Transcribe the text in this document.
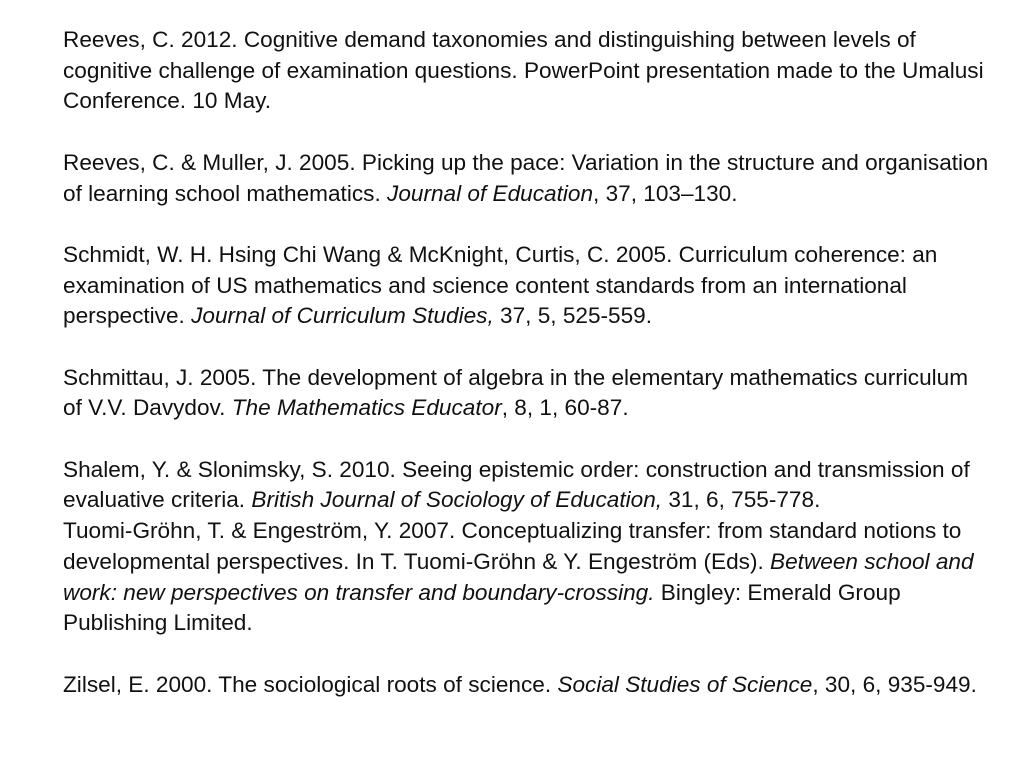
Reeves, C. 2012. Cognitive demand taxonomies and distinguishing between levels of cognitive challenge of examination questions. PowerPoint presentation made to the Umalusi Conference. 10 May.

Reeves, C. & Muller, J. 2005. Picking up the pace: Variation in the structure and organisation of learning school mathematics. Journal of Education, 37, 103–130.

Schmidt, W. H. Hsing Chi Wang & McKnight, Curtis, C. 2005. Curriculum coherence: an examination of US mathematics and science content standards from an international perspective. Journal of Curriculum Studies, 37, 5, 525-559.

Schmittau, J. 2005. The development of algebra in the elementary mathematics curriculum of V.V. Davydov. The Mathematics Educator, 8, 1, 60-87.

Shalem, Y. & Slonimsky, S. 2010. Seeing epistemic order: construction and transmission of evaluative criteria. British Journal of Sociology of Education, 31, 6, 755-778.

Tuomi-Gröhn, T. & Engeström, Y. 2007. Conceptualizing transfer: from standard notions to developmental perspectives. In T. Tuomi-Gröhn & Y. Engeström (Eds). Between school and work: new perspectives on transfer and boundary-crossing. Bingley: Emerald Group Publishing Limited.

Zilsel, E. 2000. The sociological roots of science. Social Studies of Science, 30, 6, 935-949.
